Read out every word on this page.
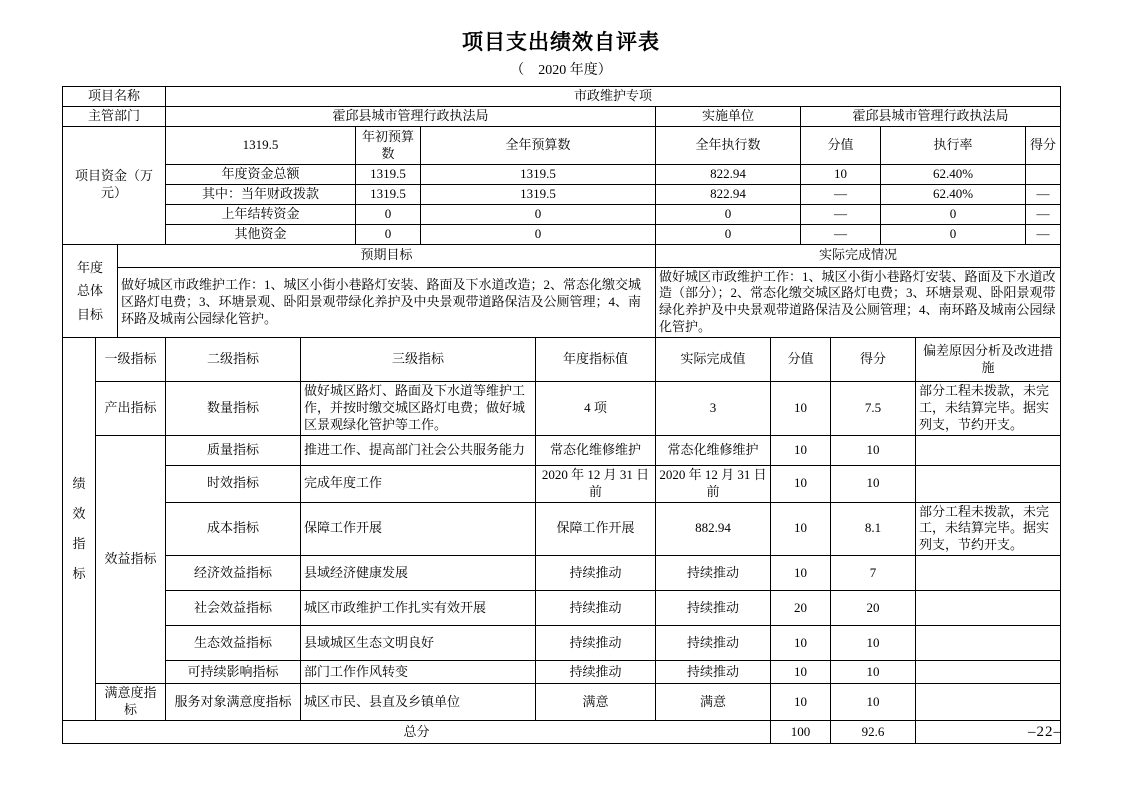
项目支出绩效自评表
（　2020 年度）
项目名称			市政维护专项											
主管部门			霍邱县城市管理行政执法局					实施单位		霍邱县城市管理行政执法局				
项目资金（万元）			1319.5		年初预算数	全年预算数		全年执行数		分值		执行率		得分
			年度资金总额		1319.5	1319.5		822.94		10		62.40%		
			其中：当年财政拨款		1319.5	1319.5		822.94		—		62.40%		—
			上年结转资金		0	0		0		—		0		—
			其他资金		0	0		0		—		0		—
年度总体目标		预期目标						实际完成情况						
		做好城区市政维护工作：1、城区小街小巷路灯安装、路面及下水道改造；2、常态化缴交城区路灯电费；3、环塘景观、卧阳景观带绿化养护及中央景观带道路保洁及公厕管理；4、南环路及城南公园绿化管护。						做好城区市政维护工作：1、城区小街小巷路灯安装、路面及下水道改造（部分）；2、常态化缴交城区路灯电费；3、环塘景观、卧阳景观带绿化养护及中央景观带道路保洁及公厕管理；4、南环路及城南公园绿化管护。						
绩效指标	一级指标		二级指标	三级指标			年度指标值	实际完成值	分值		得分		偏差原因分析及改进措施	
	产出指标		数量指标	做好城区路灯、路面及下水道等维护工作，并按时缴交城区路灯电费；做好城区景观绿化管护等工作。			4 项	3	10		7.5		部分工程未拨款，未完工，未结算完毕。据实列支，节约开支。	
	效益指标		质量指标	推进工作、提高部门社会公共服务能力			常态化维修维护	常态化维修维护	10		10			
			时效指标	完成年度工作			2020 年 12 月 31 日前	2020 年 12 月 31 日前	10		10			
			成本指标	保障工作开展			保障工作开展	882.94	10		8.1		部分工程未拨款，未完工，未结算完毕。据实列支，节约开支。	
			经济效益指标	县域经济健康发展			持续推动	持续推动	10		7			
			社会效益指标	城区市政维护工作扎实有效开展			持续推动	持续推动	20		20			
			生态效益指标	县域城区生态文明良好			持续推动	持续推动	10		10			
			可持续影响指标	部门工作作风转变			持续推动	持续推动	10		10			
	满意度指标		服务对象满意度指标	城区市民、县直及乡镇单位			满意	满意	10		10			
总分									100		92.6				–22–
